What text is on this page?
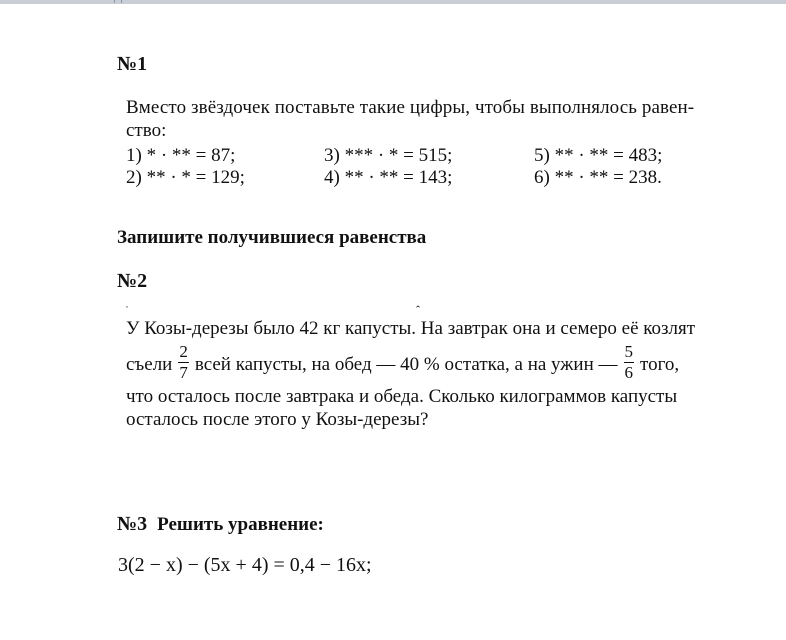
№1
Вместо звёздочек поставьте такие цифры, чтобы выполнялось равен-
ство:
1) * · ** = 87;
2) ** · * = 129;
3) *** · * = 515;
4) ** · ** = 143;
5) ** · ** = 483;
6) ** · ** = 238.
Запишите получившиеся равенства
№2
˙	ˆ
У Козы-дерезы было 42 кг капусты. На завтрак она и семеро её козлят
съели $\frac{2}{7}$ всей капусты, на обед — 40 % остатка, а на ужин — $\frac{5}{6}$ того,
что осталось после завтрака и обеда. Сколько килограммов капусты
осталось после этого у Козы-дерезы?
№3 Решить уравнение:
3(2 − x) − (5x + 4) = 0,4 − 16x;
